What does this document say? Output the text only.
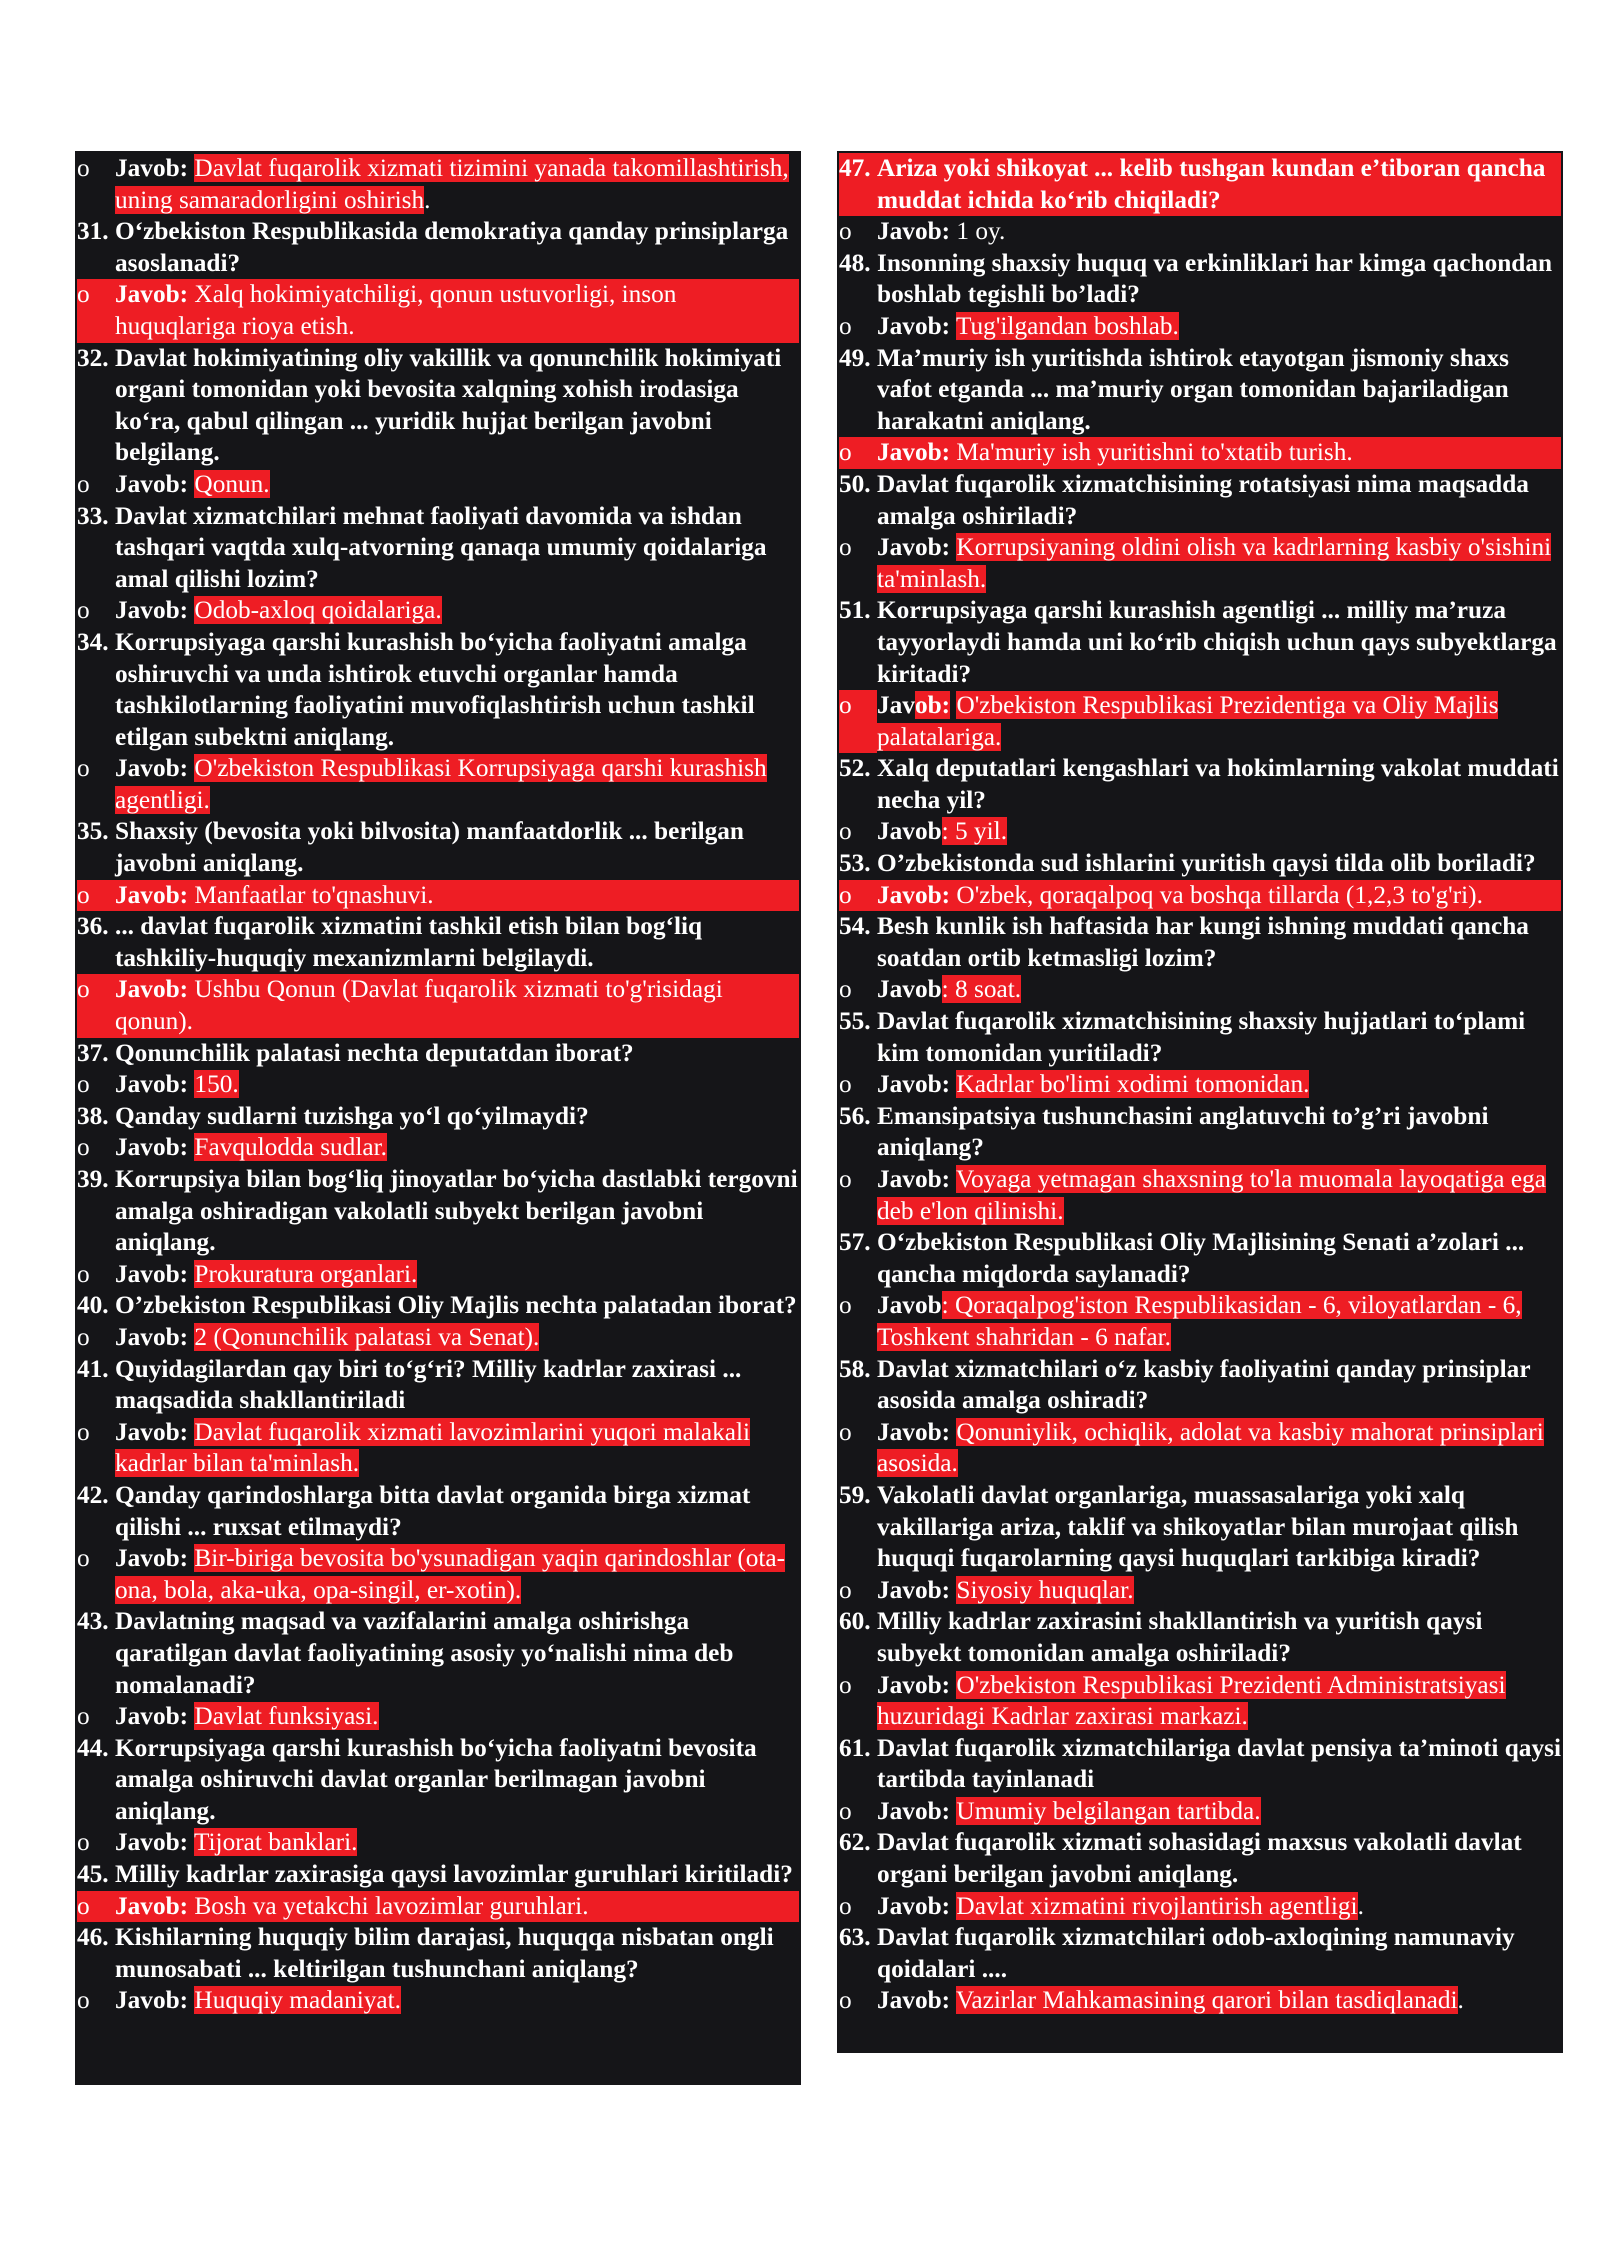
o	Javob: Davlat fuqarolik xizmati tizimini yanada takomillashtirish, uning samaradorligini oshirish.
31. O‘zbekiston Respublikasida demokratiya qanday prinsiplarga asoslanadi?
o	Javob: Xalq hokimiyatchiligi, qonun ustuvorligi, inson huquqlariga rioya etish.
32. Davlat hokimiyatining oliy vakillik va qonunchilik hokimiyati organi tomonidan yoki bevosita xalqning xohish irodasiga ko‘ra, qabul qilingan ... yuridik hujjat berilgan javobni belgilang.
o	Javob: Qonun.
33. Davlat xizmatchilari mehnat faoliyati davomida va ishdan tashqari vaqtda xulq-atvorning qanaqa umumiy qoidalariga amal qilishi lozim?
o	Javob: Odob-axloq qoidalariga.
34. Korrupsiyaga qarshi kurashish bo‘yicha faoliyatni amalga oshiruvchi va unda ishtirok etuvchi organlar hamda tashkilotlarning faoliyatini muvofiqlashtirish uchun tashkil etilgan subektni aniqlang.
o	Javob: O'zbekiston Respublikasi Korrupsiyaga qarshi kurashish agentligi.
35. Shaxsiy (bevosita yoki bilvosita) manfaatdorlik ... berilgan javobni aniqlang.
o	Javob: Manfaatlar to'qnashuvi.
36. ... davlat fuqarolik xizmatini tashkil etish bilan bog‘liq tashkiliy-huquqiy mexanizmlarni belgilaydi.
o	Javob: Ushbu Qonun (Davlat fuqarolik xizmati to'g'risidagi qonun).
37. Qonunchilik palatasi nechta deputatdan iborat?
o	Javob: 150.
38. Qanday sudlarni tuzishga yo‘l qo‘yilmaydi?
o	Javob: Favqulodda sudlar.
39. Korrupsiya bilan bog‘liq jinoyatlar bo‘yicha dastlabki tergovni amalga oshiradigan vakolatli subyekt berilgan javobni aniqlang.
o	Javob: Prokuratura organlari.
40. O’zbekiston Respublikasi Oliy Majlis nechta palatadan iborat?
o	Javob: 2 (Qonunchilik palatasi va Senat).
41. Quyidagilardan qay biri to‘g‘ri? Milliy kadrlar zaxirasi ... maqsadida shakllantiriladi
o	Javob: Davlat fuqarolik xizmati lavozimlarini yuqori malakali kadrlar bilan ta'minlash.
42. Qanday qarindoshlarga bitta davlat organida birga xizmat qilishi ... ruxsat etilmaydi?
o	Javob: Bir-biriga bevosita bo'ysunadigan yaqin qarindoshlar (ota-ona, bola, aka-uka, opa-singil, er-xotin).
43. Davlatning maqsad va vazifalarini amalga oshirishga qaratilgan davlat faoliyatining asosiy yo‘nalishi nima deb nomalanadi?
o	Javob: Davlat funksiyasi.
44. Korrupsiyaga qarshi kurashish bo‘yicha faoliyatni bevosita amalga oshiruvchi davlat organlar berilmagan javobni aniqlang.
o	Javob: Tijorat banklari.
45. Milliy kadrlar zaxirasiga qaysi lavozimlar guruhlari kiritiladi?
o	Javob: Bosh va yetakchi lavozimlar guruhlari.
46. Kishilarning huquqiy bilim darajasi, huquqqa nisbatan ongli munosabati ... keltirilgan tushunchani aniqlang?
o	Javob: Huquqiy madaniyat.
47. Ariza yoki shikoyat ... kelib tushgan kundan e’tiboran qancha muddat ichida ko‘rib chiqiladi?
o	Javob: 1 oy.
48. Insonning shaxsiy huquq va erkinliklari har kimga qachondan boshlab tegishli bo’ladi?
o	Javob: Tug'ilgandan boshlab.
49. Ma’muriy ish yuritishda ishtirok etayotgan jismoniy shaxs vafot etganda ... ma’muriy organ tomonidan bajariladigan harakatni aniqlang.
o	Javob: Ma'muriy ish yuritishni to'xtatib turish.
50. Davlat fuqarolik xizmatchisining rotatsiyasi nima maqsadda amalga oshiriladi?
o	Javob: Korrupsiyaning oldini olish va kadrlarning kasbiy o'sishini ta'minlash.
51. Korrupsiyaga qarshi kurashish agentligi ... milliy ma’ruza tayyorlaydi hamda uni ko‘rib chiqish uchun qays subyektlarga kiritadi?
o	Javob: O'zbekiston Respublikasi Prezidentiga va Oliy Majlis palatalariga.
52. Xalq deputatlari kengashlari va hokimlarning vakolat muddati necha yil?
o	Javob: 5 yil.
53. O’zbekistonda sud ishlarini yuritish qaysi tilda olib boriladi?
o	Javob: O'zbek, qoraqalpoq va boshqa tillarda (1,2,3 to'g'ri).
54. Besh kunlik ish haftasida har kungi ishning muddati qancha soatdan ortib ketmasligi lozim?
o	Javob: 8 soat.
55. Davlat fuqarolik xizmatchisining shaxsiy hujjatlari to‘plami kim tomonidan yuritiladi?
o	Javob: Kadrlar bo'limi xodimi tomonidan.
56. Emansipatsiya tushunchasini anglatuvchi to’g’ri javobni aniqlang?
o	Javob: Voyaga yetmagan shaxsning to'la muomala layoqatiga ega deb e'lon qilinishi.
57. O‘zbekiston Respublikasi Oliy Majlisining Senati a’zolari ... qancha miqdorda saylanadi?
o	Javob: Qoraqalpog'iston Respublikasidan - 6, viloyatlardan - 6, Toshkent shahridan - 6 nafar.
58. Davlat xizmatchilari o‘z kasbiy faoliyatini qanday prinsiplar asosida amalga oshiradi?
o	Javob: Qonuniylik, ochiqlik, adolat va kasbiy mahorat prinsiplari asosida.
59. Vakolatli davlat organlariga, muassasalariga yoki xalq vakillariga ariza, taklif va shikoyatlar bilan murojaat qilish huquqi fuqarolarning qaysi huquqlari tarkibiga kiradi?
o	Javob: Siyosiy huquqlar.
60. Milliy kadrlar zaxirasini shakllantirish va yuritish qaysi subyekt tomonidan amalga oshiriladi?
o	Javob: O'zbekiston Respublikasi Prezidenti Administratsiyasi huzuridagi Kadrlar zaxirasi markazi.
61. Davlat fuqarolik xizmatchilariga davlat pensiya ta’minoti qaysi tartibda tayinlanadi
o	Javob: Umumiy belgilangan tartibda.
62. Davlat fuqarolik xizmati sohasidagi maxsus vakolatli davlat organi berilgan javobni aniqlang.
o	Javob: Davlat xizmatini rivojlantirish agentligi.
63. Davlat fuqarolik xizmatchilari odob-axloqining namunaviy qoidalari ....
o	Javob: Vazirlar Mahkamasining qarori bilan tasdiqlanadi.
